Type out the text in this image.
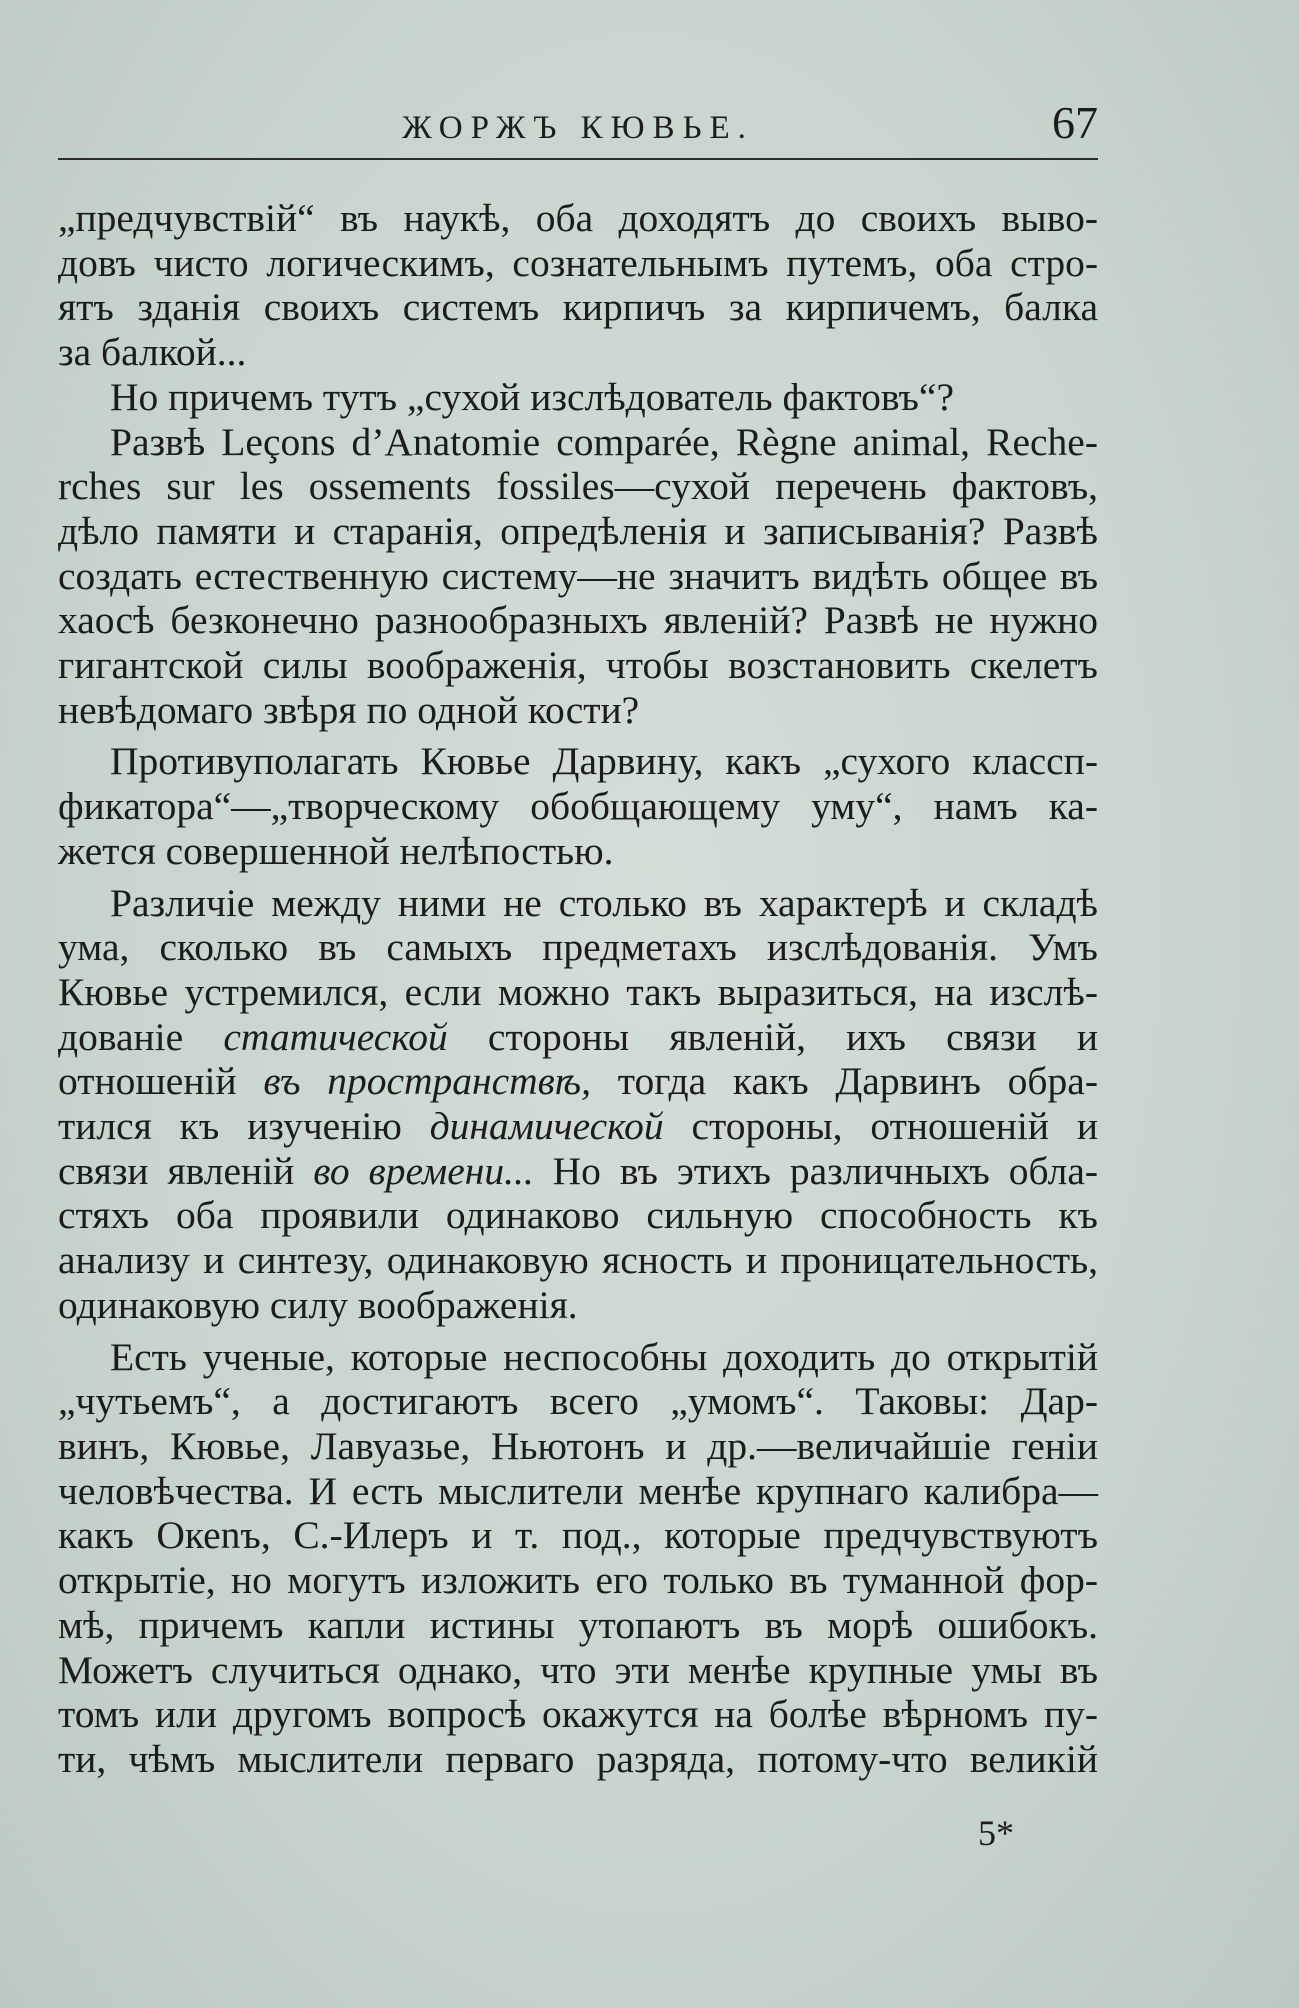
ЖОРЖЪ КЮВЬЕ.	67
„предчувствій“ въ наукѣ, оба доходятъ до своихъ выво-
довъ чисто логическимъ, сознательнымъ путемъ, оба стро-
ятъ зданія своихъ системъ кирпичъ за кирпичемъ, балка
за балкой...
Но причемъ тутъ „сухой изслѣдователь фактовъ“?
Развѣ Leçons d’Anatomie comparée, Règne animal, Reche-
rches sur les ossements fossiles—сухой перечень фактовъ,
дѣло памяти и старанія, опредѣленія и записыванія? Развѣ
создать естественную систему—не значитъ видѣть общее въ
хаосѣ безконечно разнообразныхъ явленій? Развѣ не нужно
гигантской силы воображенія, чтобы возстановить скелетъ
невѣдомаго звѣря по одной кости?
Противуполагать Кювье Дарвину, какъ „сухого классп-
фикатора“—„творческому обобщающему уму“, намъ ка-
жется совершенной нелѣпостью.
Различіе между ними не столько въ характерѣ и складѣ
ума, сколько въ самыхъ предметахъ изслѣдованія. Умъ
Кювье устремился, если можно такъ выразиться, на изслѣ-
дованіе статической стороны явленій, ихъ связи и
отношеній въ пространствѣ, тогда какъ Дарвинъ обра-
тился къ изученію динамической стороны, отношеній и
связи явленій во времени... Но въ этихъ различныхъ обла-
стяхъ оба проявили одинаково сильную способность къ
анализу и синтезу, одинаковую ясность и проницательность,
одинаковую силу воображенія.
Есть ученые, которые неспособны доходить до открытій
„чутьемъ“, а достигаютъ всего „умомъ“. Таковы: Дар-
винъ, Кювье, Лавуазье, Ньютонъ и др.—величайшіе геніи
человѣчества. И есть мыслители менѣе крупнаго калибра—
какъ Океnъ, С.-Илеръ и т. под., которые предчувствуютъ
открытіе, но могутъ изложить его только въ туманной фор-
мѣ, причемъ капли истины утопаютъ въ морѣ ошибокъ.
Можетъ случиться однако, что эти менѣе крупные умы въ
томъ или другомъ вопросѣ окажутся на болѣе вѣрномъ пу-
ти, чѣмъ мыслители перваго разряда, потому-что великій
5*
